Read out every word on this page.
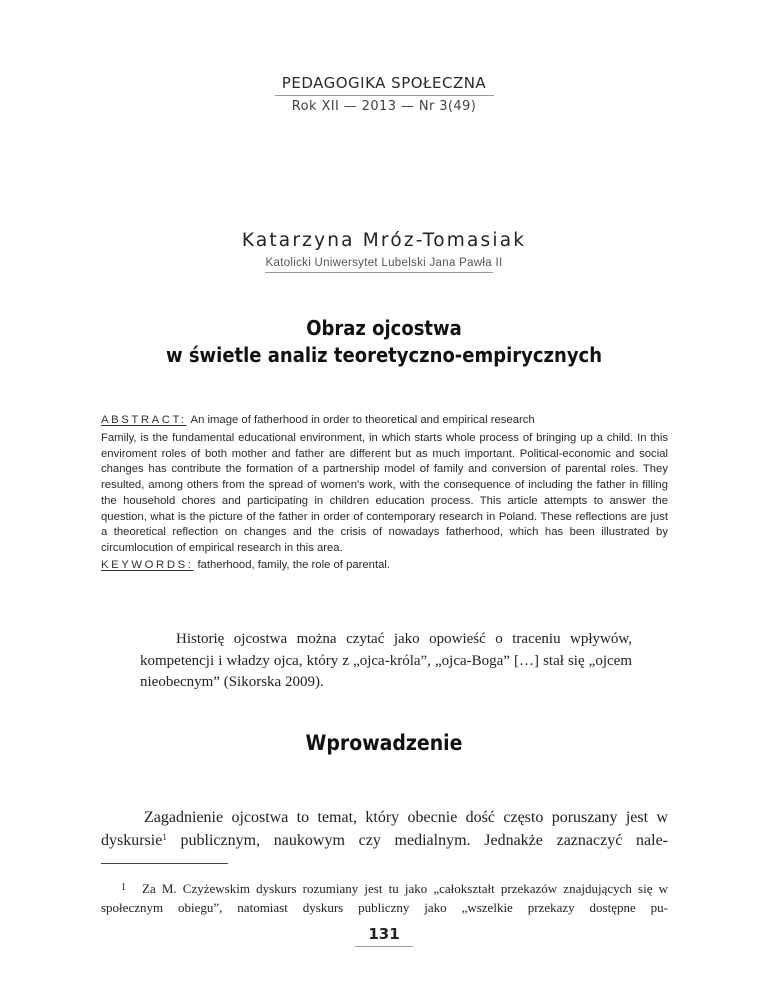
PEDAGOGIKA SPOŁECZNA
Rok XII — 2013 — Nr 3(49)
Katarzyna Mróz-Tomasiak
Katolicki Uniwersytet Lubelski Jana Pawła II
Obraz ojcostwa
w świetle analiz teoretyczno-empirycznych
ABSTRACT: An image of fatherhood in order to theoretical and empirical research
Family, is the fundamental educational environment, in which starts whole process of bringing up a child. In this enviroment roles of both mother and father are different but as much important. Political-economic and social changes has contribute the formation of a partnership model of family and conversion of parental roles. They resulted, among others from the spread of women's work, with the consequence of including the father in filling the household chores and participating in children education process. This article attempts to answer the question, what is the picture of the father in order of contemporary research in Poland. These reflections are just a theoretical reflection on changes and the crisis of nowadays fatherhood, which has been illustrated by circumlocution of empirical research in this area.
KEYWORDS: fatherhood, family, the role of parental.
Historię ojcostwa można czytać jako opowieść o traceniu wpływów, kompetencji i władzy ojca, który z „ojca-króla”, „ojca-Boga” […] stał się „ojcem nieobecnym” (Sikorska 2009).
Wprowadzenie
Zagadnienie ojcostwa to temat, który obecnie dość często poruszany jest w dyskursie$^1$ publicznym, naukowym czy medialnym. Jednakże zaznaczyć nale-
$^1$ Za M. Czyżewskim dyskurs rozumiany jest tu jako „całokształt przekazów znajdujących się w społecznym obiegu”, natomiast dyskurs publiczny jako „wszelkie przekazy dostępne pu-
131
